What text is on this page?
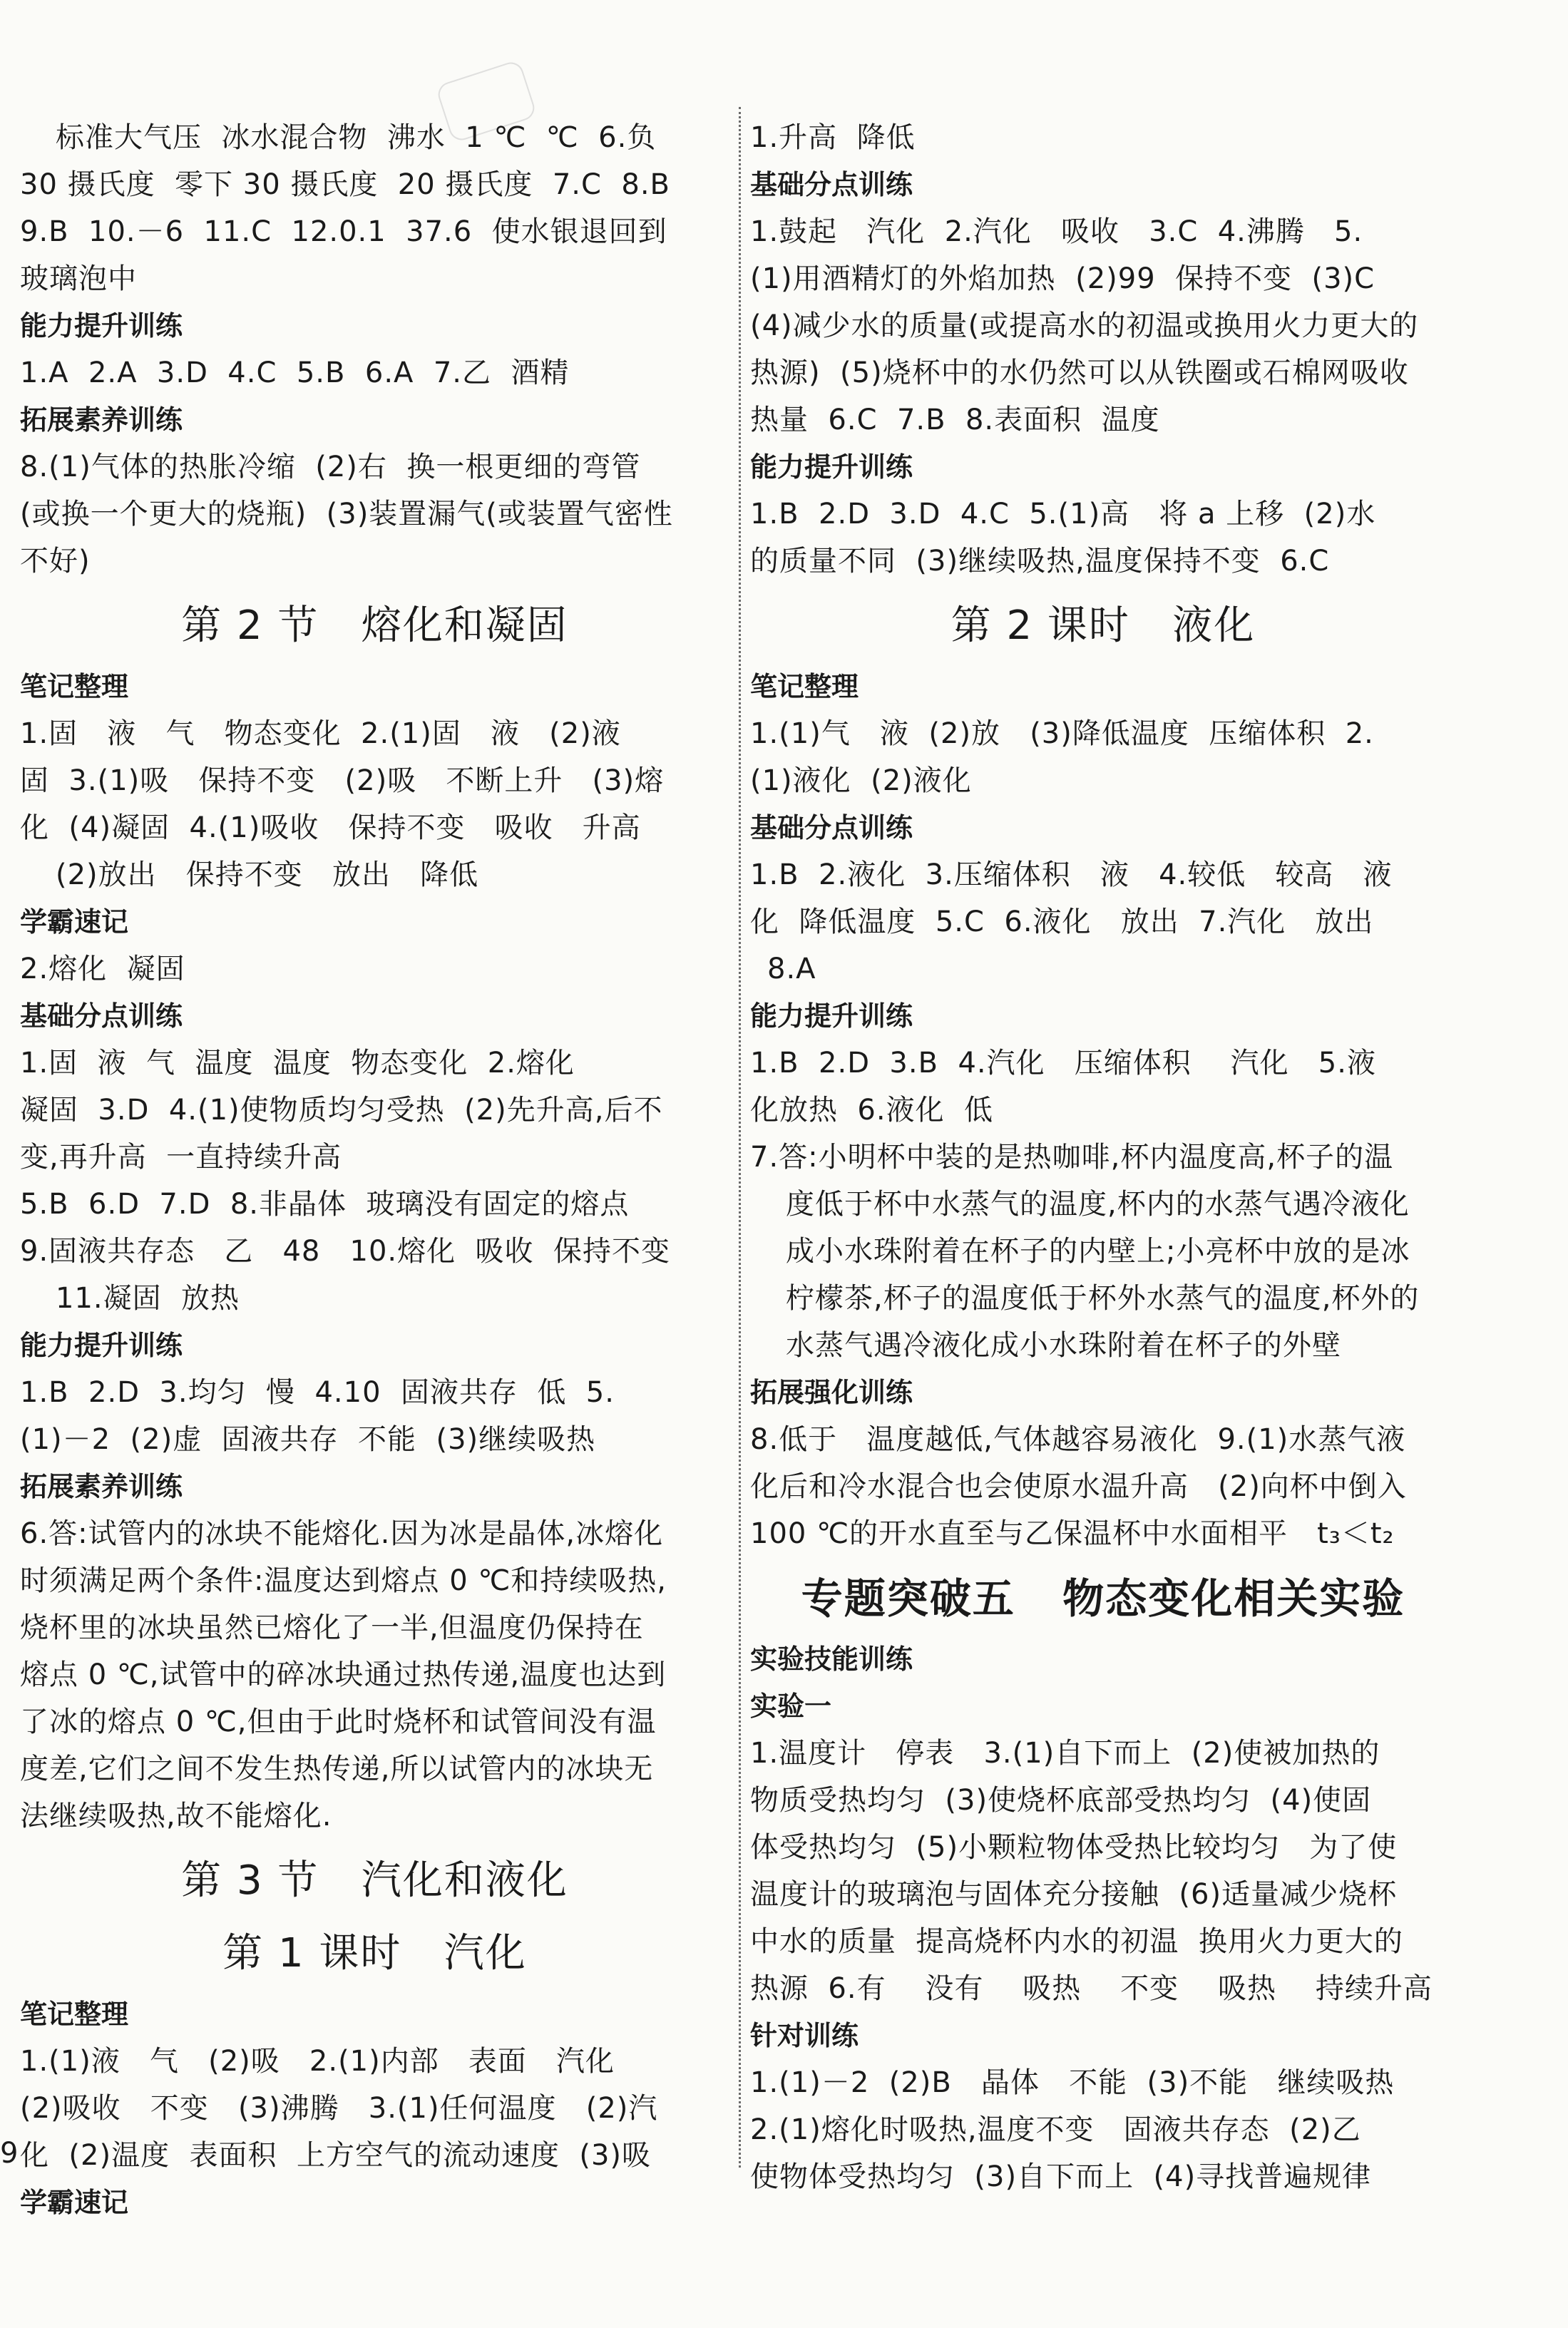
标准大气压  冰水混合物  沸水  1 ℃  ℃  6.负
30 摄氏度  零下 30 摄氏度  20 摄氏度  7.C  8.B
9.B  10.－6  11.C  12.0.1  37.6  使水银退回到
玻璃泡中
能力提升训练
1.A  2.A  3.D  4.C  5.B  6.A  7.乙  酒精
拓展素养训练
8.(1)气体的热胀冷缩  (2)右  换一根更细的弯管
(或换一个更大的烧瓶)  (3)装置漏气(或装置气密性
不好)
第 2 节   熔化和凝固
笔记整理
1.固   液   气   物态变化  2.(1)固   液   (2)液
固  3.(1)吸   保持不变   (2)吸   不断上升   (3)熔
化  (4)凝固  4.(1)吸收   保持不变   吸收   升高
(2)放出   保持不变   放出   降低
学霸速记
2.熔化  凝固
基础分点训练
1.固  液  气  温度  温度  物态变化  2.熔化
凝固  3.D  4.(1)使物质均匀受热  (2)先升高,后不
变,再升高  一直持续升高
5.B  6.D  7.D  8.非晶体  玻璃没有固定的熔点
9.固液共存态   乙   48   10.熔化  吸收  保持不变
11.凝固  放热
能力提升训练
1.B  2.D  3.均匀  慢  4.10  固液共存  低  5.
(1)－2  (2)虚  固液共存  不能  (3)继续吸热
拓展素养训练
6.答:试管内的冰块不能熔化.因为冰是晶体,冰熔化
时须满足两个条件:温度达到熔点 0 ℃和持续吸热,
烧杯里的冰块虽然已熔化了一半,但温度仍保持在
熔点 0 ℃,试管中的碎冰块通过热传递,温度也达到
了冰的熔点 0 ℃,但由于此时烧杯和试管间没有温
度差,它们之间不发生热传递,所以试管内的冰块无
法继续吸热,故不能熔化.
第 3 节   汽化和液化
第 1 课时   汽化
笔记整理
1.(1)液   气   (2)吸   2.(1)内部   表面   汽化
(2)吸收   不变   (3)沸腾   3.(1)任何温度   (2)汽
化  (2)温度  表面积  上方空气的流动速度  (3)吸
学霸速记
1.升高  降低
基础分点训练
1.鼓起   汽化  2.汽化   吸收   3.C  4.沸腾   5.
(1)用酒精灯的外焰加热  (2)99  保持不变  (3)C
(4)减少水的质量(或提高水的初温或换用火力更大的
热源)  (5)烧杯中的水仍然可以从铁圈或石棉网吸收
热量  6.C  7.B  8.表面积  温度
能力提升训练
1.B  2.D  3.D  4.C  5.(1)高   将 a 上移  (2)水
的质量不同  (3)继续吸热,温度保持不变  6.C
第 2 课时   液化
笔记整理
1.(1)气   液  (2)放   (3)降低温度  压缩体积  2.
(1)液化  (2)液化
基础分点训练
1.B  2.液化  3.压缩体积   液   4.较低   较高   液
化  降低温度  5.C  6.液化   放出  7.汽化   放出
8.A
能力提升训练
1.B  2.D  3.B  4.汽化   压缩体积    汽化   5.液
化放热  6.液化  低
7.答:小明杯中装的是热咖啡,杯内温度高,杯子的温
度低于杯中水蒸气的温度,杯内的水蒸气遇冷液化
成小水珠附着在杯子的内壁上;小亮杯中放的是冰
柠檬茶,杯子的温度低于杯外水蒸气的温度,杯外的
水蒸气遇冷液化成小水珠附着在杯子的外壁
拓展强化训练
8.低于   温度越低,气体越容易液化  9.(1)水蒸气液
化后和冷水混合也会使原水温升高   (2)向杯中倒入
100 ℃的开水直至与乙保温杯中水面相平   t₃＜t₂
专题突破五   物态变化相关实验
实验技能训练
实验一
1.温度计   停表   3.(1)自下而上  (2)使被加热的
物质受热均匀  (3)使烧杯底部受热均匀  (4)使固
体受热均匀  (5)小颗粒物体受热比较均匀   为了使
温度计的玻璃泡与固体充分接触  (6)适量减少烧杯
中水的质量  提高烧杯内水的初温  换用火力更大的
热源  6.有    没有    吸热    不变    吸热    持续升高
针对训练
1.(1)－2  (2)B   晶体   不能  (3)不能   继续吸热
2.(1)熔化时吸热,温度不变   固液共存态  (2)乙
使物体受热均匀  (3)自下而上  (4)寻找普遍规律
9
